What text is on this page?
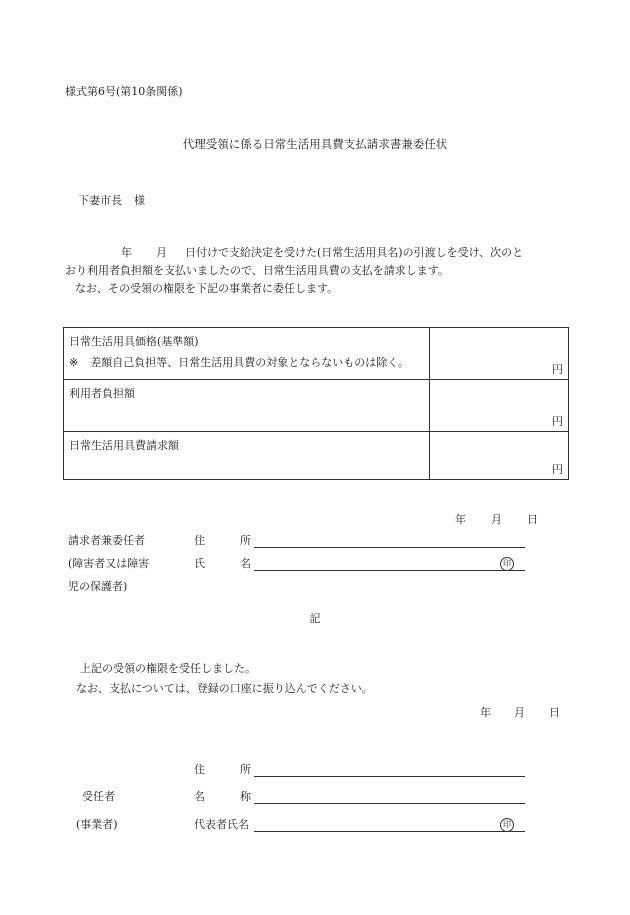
様式第6号(第10条関係)
代理受領に係る日常生活用具費支払請求書兼委任状
下妻市長 様
年 月 日付けで支給決定を受けた(日常生活用具名)の引渡しを受け、次のと
おり利用者負担額を支払いましたので、日常生活用具費の支払を請求します。
なお、その受領の権限を下記の事業者に委任します。
日常生活用具価格(基準額)
※ 差額自己負担等、日常生活用具費の対象とならないものは除く。	円

利用者負担額	円

日常生活用具費請求額	円
年 月 日
請求者兼委任者	住	所
(障害者又は障害	氏	名	印
児の保護者)
記
上記の受領の権限を受任しました。
なお、支払については、登録の口座に振り込んでください。
年 月 日
住	所
受任者	名	称
(事業者)	代表者氏名	印
